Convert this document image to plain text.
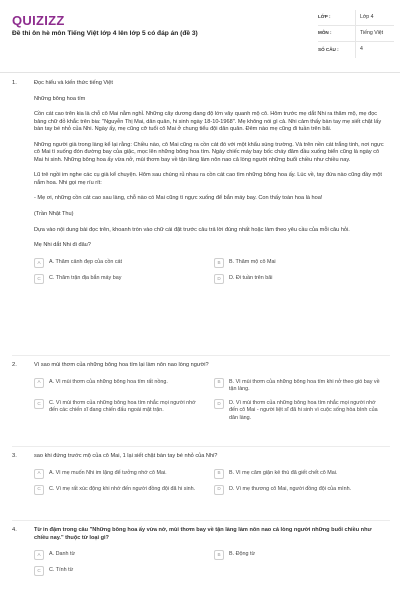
QUIZIZZ
Đề thi ôn hè môn Tiếng Việt lớp 4 lên lớp 5 có đáp án (đề 3)
LỚP :	Lớp 4
MÔN :	Tiếng Việt
SỐ CÂU :	4
1.	Đọc hiểu và kiến thức tiếng Việt
Những bông hoa tím
Cồn cát cao trên kia là chỗ cô Mai nằm nghỉ. Những cây dương đang độ lớn vây quanh mộ cô. Hôm trước mẹ dắt Nhi ra thăm mộ, mẹ đọc bảng chữ đỏ khắc trên bia: "Nguyễn Thị Mai, dân quân, hi sinh ngày 18-10-1968". Mẹ không nói gì cả. Nhi cảm thấy bàn tay mẹ siết chặt lấy bàn tay bé nhỏ của Nhi. Ngày ấy, mẹ cũng cỡ tuổi cô Mai ở chung tiểu đội dân quân. Đêm nào mẹ cũng đi tuần trên bãi.
Những người già trong làng kể lại rằng: Chiều nào, cô Mai cũng ra cồn cát đó với một khẩu súng trường. Và trên nền cát trắng tinh, nơi ngực cô Mai tì xuống đón đường bay của giặc, mọc lên những bông hoa tím. Ngày chiếc máy bay bốc cháy đâm đầu xuống biển cũng là ngày cô Mai hi sinh. Những bông hoa ấy vừa nở, mùi thơm bay về tận làng làm nôn nao cả lòng người những buổi chiều như chiều nay.
Lũ trẻ ngồi im nghe các cụ già kể chuyện. Hôm sau chúng rủ nhau ra cồn cát cao tìm những bông hoa ấy. Lúc về, tay đứa nào cũng đầy một nắm hoa. Nhi gọi mẹ ríu rít:
- Mẹ ơi, những cồn cát cao sau làng, chỗ nào có Mai cũng tì ngực xuống để bắn máy bay. Con thấy toàn hoa là hoa!
(Trần Nhật Thu)
Dựa vào nội dung bài đọc trên, khoanh tròn vào chữ cái đặt trước câu trả lời đúng nhất hoặc làm theo yêu cầu của mỗi câu hỏi.
Mẹ Nhi dắt Nhi đi đâu?
A	A. Thăm cảnh đẹp của cồn cát	B	B. Thăm mộ cô Mai
C	C. Thăm trận địa bắn máy bay	D	D. Đi tuần trên bãi
2.	Vì sao mùi thơm của những bông hoa tím lại làm nôn nao lòng người?
A	A. Vì mùi thơm của những bông hoa tím rất nồng.	B	B. Vì mùi thơm của những bông hoa tím khi nở theo gió bay về tận làng.
C	C. Vì mùi thơm của những bông hoa tím nhắc mọi người nhớ đến các chiến sĩ đang chiến đấu ngoài mặt trận.
D	D. Vì mùi thơm của những bông hoa tím nhắc mọi người nhớ đến cô Mai - người liệt sĩ đã hi sinh vì cuộc sống hòa bình của dân làng.
3.	sao khi đứng trước mộ của cô Mai, 1 lại siết chặt bàn tay bé nhỏ của Nhi?
A	A. Vì mẹ muốn Nhi im lặng để tưởng nhớ cô Mai.	B	B. Vì mẹ căm giận kẻ thù đã giết chết cô Mai.
C	C. Vì mẹ rất xúc động khi nhớ đến người đồng đội đã hi sinh.	D	D. Vì mẹ thương cô Mai, người đồng đội của mình.
4.	Từ in đậm trong câu "Những bông hoa ấy vừa nở, mùi thơm bay về tận làng làm nôn nao cả lòng người những buổi chiều như chiều nay." thuộc từ loại gì?
A	A. Danh từ	B	B. Động từ
C	C. Tính từ
